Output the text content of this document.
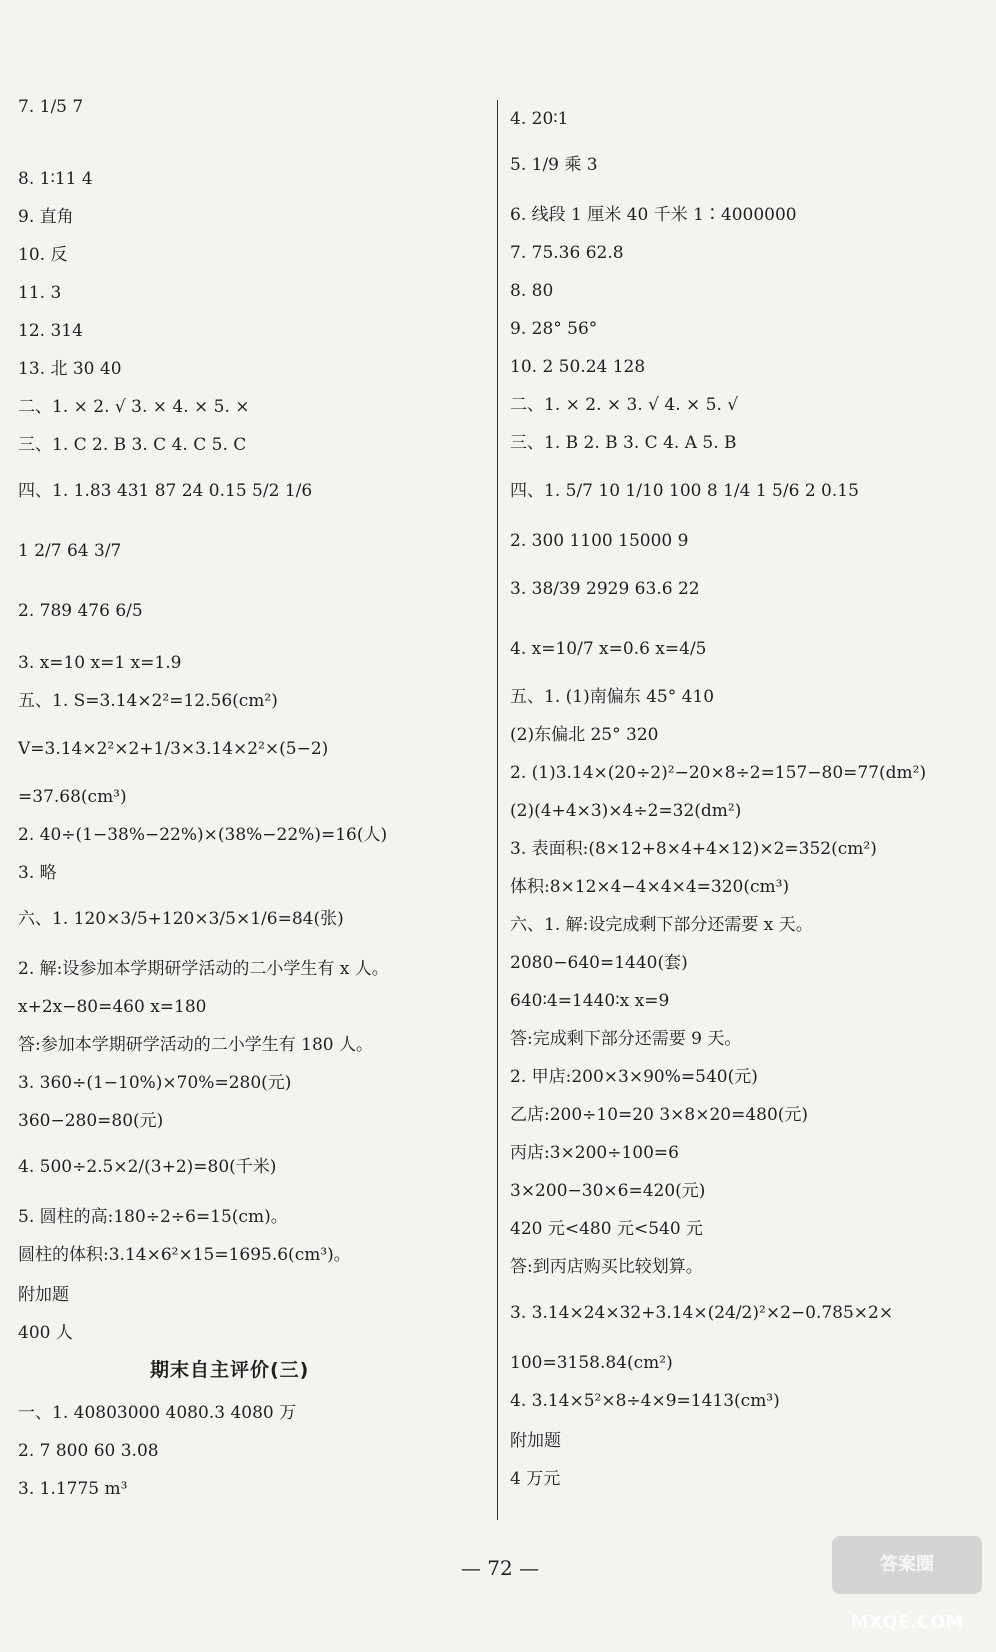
7. 1/5 7
8. 1∶11 4
9. 直角
10. 反
11. 3
12. 314
13. 北 30 40
二、1. × 2. √ 3. × 4. × 5. ×
三、1. C 2. B 3. C 4. C 5. C
四、1. 1.83 431 87 24 0.15 5/2 1/6
1 2/7 64 3/7
2. 789 476 6/5
3. x=10 x=1 x=1.9
五、1. S=3.14×2²=12.56(cm²)
V=3.14×2²×2+1/3×3.14×2²×(5−2)
=37.68(cm³)
2. 40÷(1−38%−22%)×(38%−22%)=16(人)
3. 略
六、1. 120×3/5+120×3/5×1/6=84(张)
2. 解:设参加本学期研学活动的二小学生有 x 人。
x+2x−80=460 x=180
答:参加本学期研学活动的二小学生有 180 人。
3. 360÷(1−10%)×70%=280(元)
360−280=80(元)
4. 500÷2.5×2/(3+2)=80(千米)
5. 圆柱的高:180÷2÷6=15(cm)。
圆柱的体积:3.14×6²×15=1695.6(cm³)。
附加题
400 人
一、1. 40803000 4080.3 4080 万
2. 7 800 60 3.08
3. 1.1775 m³
4. 20∶1
5. 1/9 乘 3
6. 线段 1 厘米 40 千米 1∶4000000
7. 75.36 62.8
8. 80
9. 28° 56°
10. 2 50.24 128
二、1. × 2. × 3. √ 4. × 5. √
三、1. B 2. B 3. C 4. A 5. B
四、1. 5/7 10 1/10 100 8 1/4 1 5/6 2 0.15
2. 300 1100 15000 9
3. 38/39 2929 63.6 22
4. x=10/7 x=0.6 x=4/5
五、1. (1)南偏东 45° 410
(2)东偏北 25° 320
2. (1)3.14×(20÷2)²−20×8÷2=157−80=77(dm²)
(2)(4+4×3)×4÷2=32(dm²)
3. 表面积:(8×12+8×4+4×12)×2=352(cm²)
体积:8×12×4−4×4×4=320(cm³)
六、1. 解:设完成剩下部分还需要 x 天。
2080−640=1440(套)
640∶4=1440∶x x=9
答:完成剩下部分还需要 9 天。
2. 甲店:200×3×90%=540(元)
乙店:200÷10=20 3×8×20=480(元)
丙店:3×200÷100=6
3×200−30×6=420(元)
420 元<480 元<540 元
答:到丙店购买比较划算。
3. 3.14×24×32+3.14×(24/2)²×2−0.785×2×
100=3158.84(cm²)
4. 3.14×5²×8÷4×9=1413(cm³)
附加题
4 万元
期末自主评价(三)
— 72 —	答案圈 MXQE.COM
